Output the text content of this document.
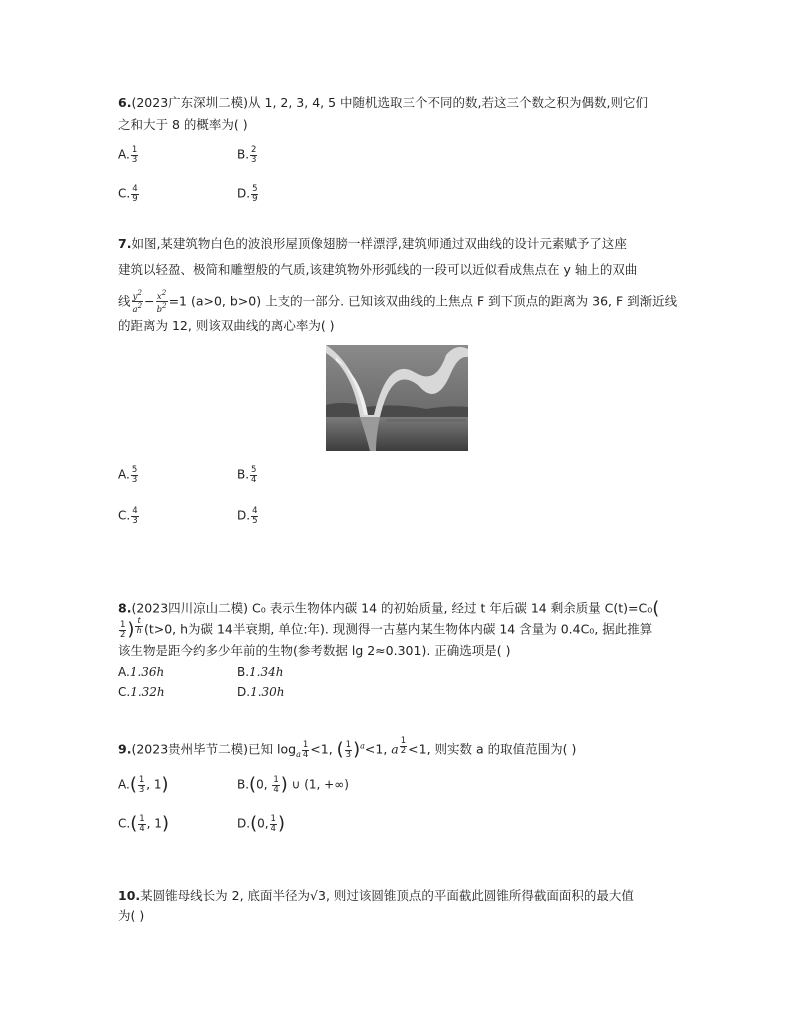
6.(2023广东深圳二模)从 1, 2, 3, 4, 5 中随机选取三个不同的数,若这三个数之积为偶数,则它们
之和大于 8 的概率为( )
A. $\frac{1}{3}$	B. $\frac{2}{3}$
C. $\frac{4}{9}$	D. $\frac{5}{9}$
7.如图,某建筑物白色的波浪形屋顶像翅膀一样漂浮,建筑师通过双曲线的设计元素赋予了这座
建筑以轻盈、极简和雕塑般的气质,该建筑物外形弧线的一段可以近似看成焦点在 y 轴上的双曲
线 $\frac{y^2}{a^2} - \frac{x^2}{b^2} =1$ (a>0, b>0) 上支的一部分. 已知该双曲线的上焦点 F 到下顶点的距离为 36, F 到渐近线
的距离为 12, 则该双曲线的离心率为( )
A. $\frac{5}{3}$	B. $\frac{5}{4}$
C. $\frac{4}{3}$	D. $\frac{4}{5}$
8.(2023四川凉山二模) C₀ 表示生物体内碳 14 的初始质量, 经过 t 年后碳 14 剩余质量 C(t)=C₀(
$\frac{1}{2}$ ) $^{\frac{t}{h}}$ (t>0, h为碳 14半衰期, 单位:年). 现测得一古墓内某生物体内碳 14 含量为 0.4C₀, 据此推算
该生物是距今约多少年前的生物(参考数据 lg 2≈0.301). 正确选项是( )
A.1.36h	B.1.34h
C.1.32h	D.1.30h
9.(2023贵州毕节二模)已知 $\log_a \frac{1}{4} <1$, ( $\frac{1}{3} )^a<1$, a $^{\frac{1}{2}}$ <1, 则实数 a 的取值范围为( )
$A.( \frac{1}{3}$ , 1)	B.(0, $\frac{1}{4}$ ) ∪ (1, +∞)
$C.( \frac{1}{4}$ , 1)	D.(0, $\frac{1}{4}$ )
10.某圆锥母线长为 2, 底面半径为√3, 则过该圆锥顶点的平面截此圆锥所得截面面积的最大值
为( )
